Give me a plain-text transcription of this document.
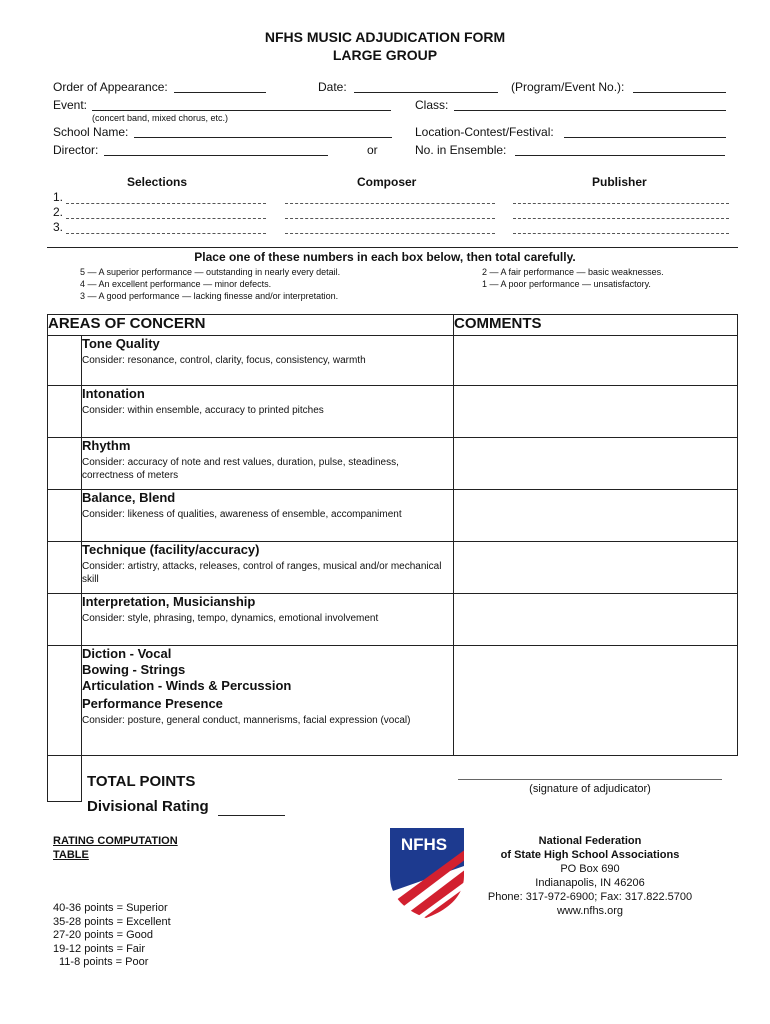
NFHS MUSIC ADJUDICATION FORM
LARGE GROUP
Order of Appearance:	Date:	(Program/Event No.):
Event:
(concert band, mixed chorus, etc.)
Class:
School Name:	Location-Contest/Festival:
Director:	or	No. in Ensemble:
Selections	Composer	Publisher
1.
2.
3.
Place one of these numbers in each box below, then total carefully.
5 — A superior performance — outstanding in nearly every detail.
4 — An excellent performance — minor defects.
3 — A good performance — lacking finesse and/or interpretation.
2 — A fair performance — basic weaknesses.
1 — A poor performance — unsatisfactory.
AREAS OF CONCERN		COMMENTS

	Tone Quality
Consider: resonance, control, clarity, focus, consistency, warmth	

	Intonation
Consider: within ensemble, accuracy to printed pitches	

	Rhythm
Consider: accuracy of note and rest values, duration, pulse, steadiness, correctness of meters	

	Balance, Blend
Consider: likeness of qualities, awareness of ensemble, accompaniment	

	Technique (facility/accuracy)
Consider: artistry, attacks, releases, control of ranges, musical and/or mechanical skill	

	Interpretation, Musicianship
Consider: style, phrasing, tempo, dynamics, emotional involvement	

	Diction - Vocal
Bowing - Strings
Articulation - Winds & Percussion
Performance Presence
Consider: posture, general conduct, mannerisms, facial expression (vocal)	

TOTAL POINTS
Divisional Rating
(signature of adjudicator)
RATING COMPUTATION
TABLE
40-36 points = Superior
35-28 points = Excellent
27-20 points = Good
19-12 points = Fair
11-8 points = Poor
NFHS	National Federation
of State High School Associations
PO Box 690
Indianapolis, IN 46206
Phone: 317-972-6900; Fax: 317.822.5700
www.nfhs.org
